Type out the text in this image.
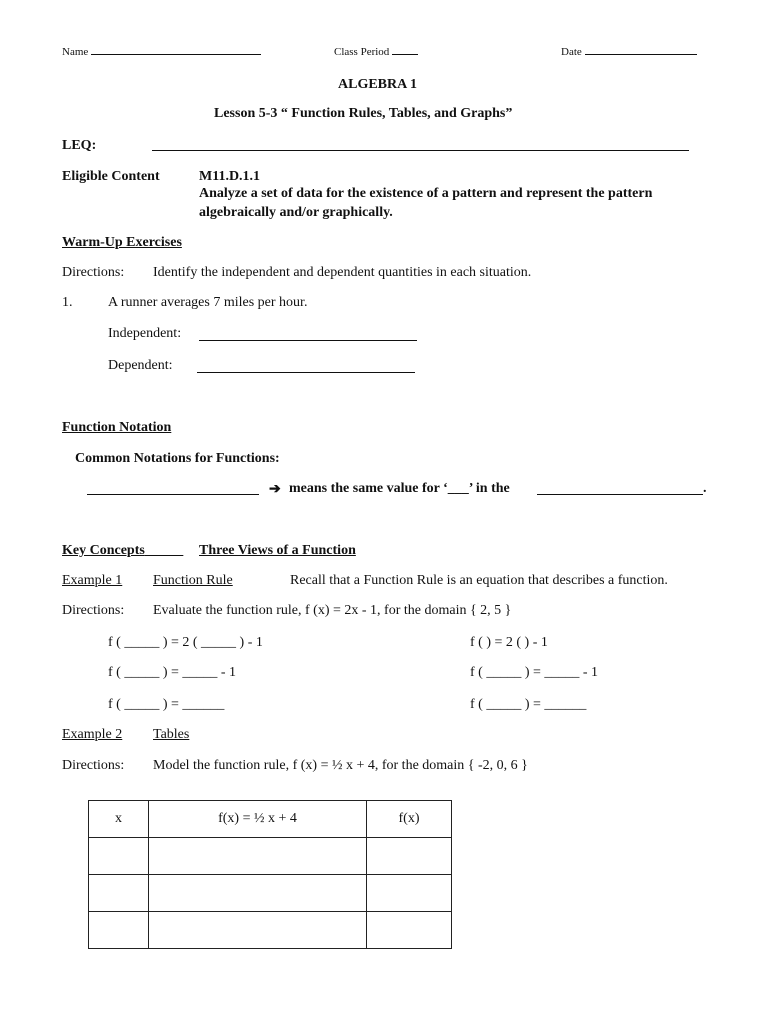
Name	Class Period	Date
ALGEBRA 1
Lesson 5-3 “ Function Rules, Tables, and Graphs”
LEQ:
Eligible Content	M11.D.1.1
Analyze a set of data for the existence of a pattern and represent the pattern
algebraically and/or graphically.
Warm-Up Exercises
Directions: Identify the independent and dependent quantities in each situation.
1.	A runner averages 7 miles per hour.
Independent:
Dependent:
Function Notation
Common Notations for Functions:
➔ means the same value for ‘___’ in the	.
Key Concepts	Three Views of a Function
Example 1 Function Rule	Recall that a Function Rule is an equation that describes a function.
Directions: Evaluate the function rule, f (x) = 2x - 1, for the domain { 2, 5 }
f ( _____ ) = 2 ( _____ ) - 1
f ( _____ ) = _____ - 1
f ( _____ ) = ______
f ( ) = 2 ( ) - 1
f ( _____ ) = _____ - 1
f ( _____ ) = ______
Example 2 Tables
Directions: Model the function rule, f (x) = ½ x + 4, for the domain { -2, 0, 6 }
x	f(x) = ½ x + 4	f(x)
